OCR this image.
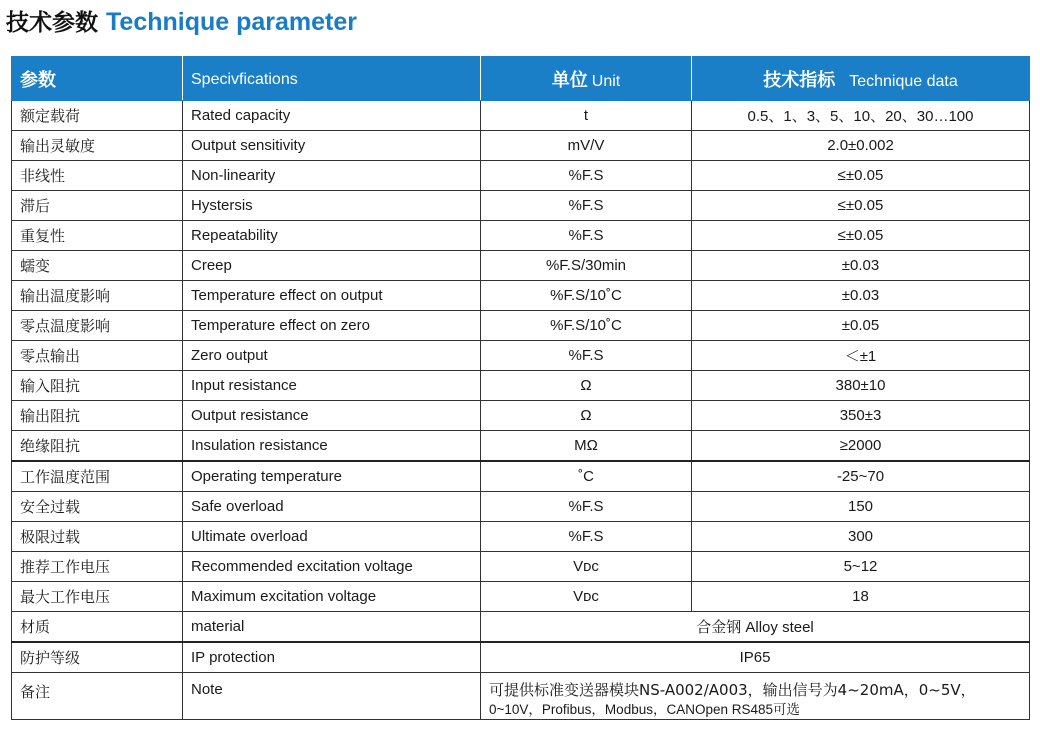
技术参数 Technique parameter
参数	Specivfications	单位 Unit	技术指标 Technique data
额定载荷	Rated capacity	t	0.5、1、3、5、10、20、30…100
输出灵敏度	Output sensitivity	mV/V	2.0±0.002
非线性	Non-linearity	%F.S	≤±0.05
滞后	Hystersis	%F.S	≤±0.05
重复性	Repeatability	%F.S	≤±0.05
蠕变	Creep	%F.S/30min	±0.03
输出温度影响	Temperature effect on output	%F.S/10˚C	±0.03
零点温度影响	Temperature effect on zero	%F.S/10˚C	±0.05
零点输出	Zero output	%F.S	＜±1
输入阻抗	Input resistance	Ω	380±10
输出阻抗	Output resistance	Ω	350±3
绝缘阻抗	Insulation resistance	MΩ	≥2000
工作温度范围	Operating temperature	˚C	-25~70
安全过载	Safe overload	%F.S	150
极限过载	Ultimate overload	%F.S	300
推荐工作电压	Recommended excitation voltage	Vᴅᴄ	5~12
最大工作电压	Maximum excitation voltage	Vᴅᴄ	18
材质	material	合金钢 Alloy steel	
防护等级	IP protection	IP65	
备注	Note	可提供标准变送器模块NS-A002/A003，输出信号为4~20mA，0~5V，
0~10V，Profibus，Modbus，CANOpen RS485可选	
